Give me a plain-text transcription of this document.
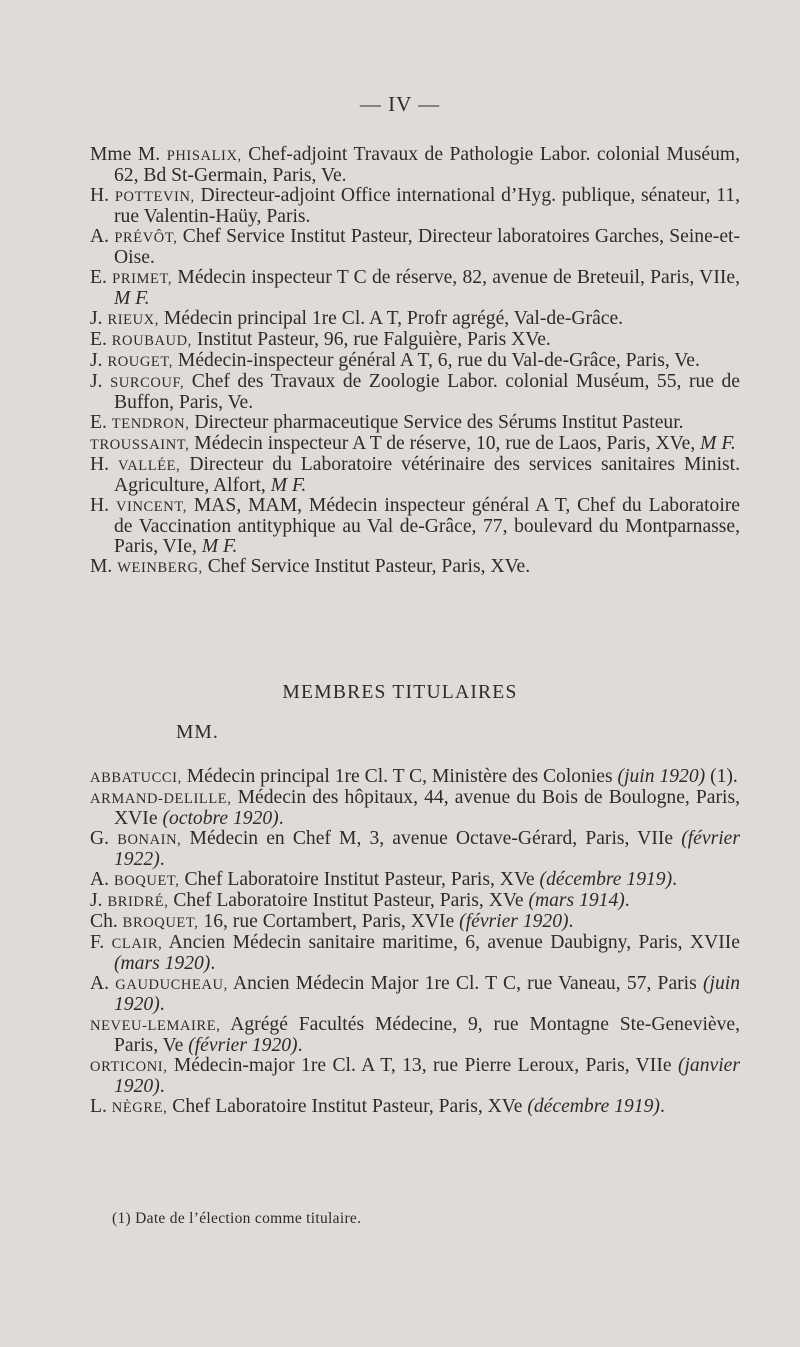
— IV —

Mme M. PHISALIX, Chef-adjoint Travaux de Pathologie Labor. colonial Muséum, 62, Bd St-Germain, Paris, Ve.

H. POTTEVIN, Directeur-adjoint Office international d’Hyg. publique, sénateur, 11, rue Valentin-Haüy, Paris.

A. PRÉVÔT, Chef Service Institut Pasteur, Directeur laboratoires Garches, Seine-et-Oise.

E. PRIMET, Médecin inspecteur T C de réserve, 82, avenue de Breteuil, Paris, VIIe, M F.

J. RIEUX, Médecin principal 1re Cl. A T, Profr agrégé, Val-de-Grâce.

E. ROUBAUD, Institut Pasteur, 96, rue Falguière, Paris XVe.

J. ROUGET, Médecin-inspecteur général A T, 6, rue du Val-de-Grâce, Paris, Ve.

J. SURCOUF, Chef des Travaux de Zoologie Labor. colonial Muséum, 55, rue de Buffon, Paris, Ve.

E. TENDRON, Directeur pharmaceutique Service des Sérums Institut Pasteur.

TROUSSAINT, Médecin inspecteur A T de réserve, 10, rue de Laos, Paris, XVe, M F.

H. VALLÉE, Directeur du Laboratoire vétérinaire des services sanitaires Minist. Agriculture, Alfort, M F.

H. VINCENT, MAS, MAM, Médecin inspecteur général A T, Chef du Laboratoire de Vaccination antityphique au Val de-Grâce, 77, boulevard du Montparnasse, Paris, VIe, M F.

M. WEINBERG, Chef Service Institut Pasteur, Paris, XVe.

MEMBRES TITULAIRES
MM.

ABBATUCCI, Médecin principal 1re Cl. T C, Ministère des Colonies (juin 1920) (1).

ARMAND-DELILLE, Médecin des hôpitaux, 44, avenue du Bois de Boulogne, Paris, XVIe (octobre 1920).

G. BONAIN, Médecin en Chef M, 3, avenue Octave-Gérard, Paris, VIIe (février 1922).

A. BOQUET, Chef Laboratoire Institut Pasteur, Paris, XVe (décembre 1919).

J. BRIDRÉ, Chef Laboratoire Institut Pasteur, Paris, XVe (mars 1914).

Ch. BROQUET, 16, rue Cortambert, Paris, XVIe (février 1920).

F. CLAIR, Ancien Médecin sanitaire maritime, 6, avenue Daubigny, Paris, XVIIe (mars 1920).

A. GAUDUCHEAU, Ancien Médecin Major 1re Cl. T C, rue Vaneau, 57, Paris (juin 1920).

NEVEU-LEMAIRE, Agrégé Facultés Médecine, 9, rue Montagne Ste-Geneviève, Paris, Ve (février 1920).

ORTICONI, Médecin-major 1re Cl. A T, 13, rue Pierre Leroux, Paris, VIIe (janvier 1920).

L. NÈGRE, Chef Laboratoire Institut Pasteur, Paris, XVe (décembre 1919).

(1) Date de l’élection comme titulaire.
